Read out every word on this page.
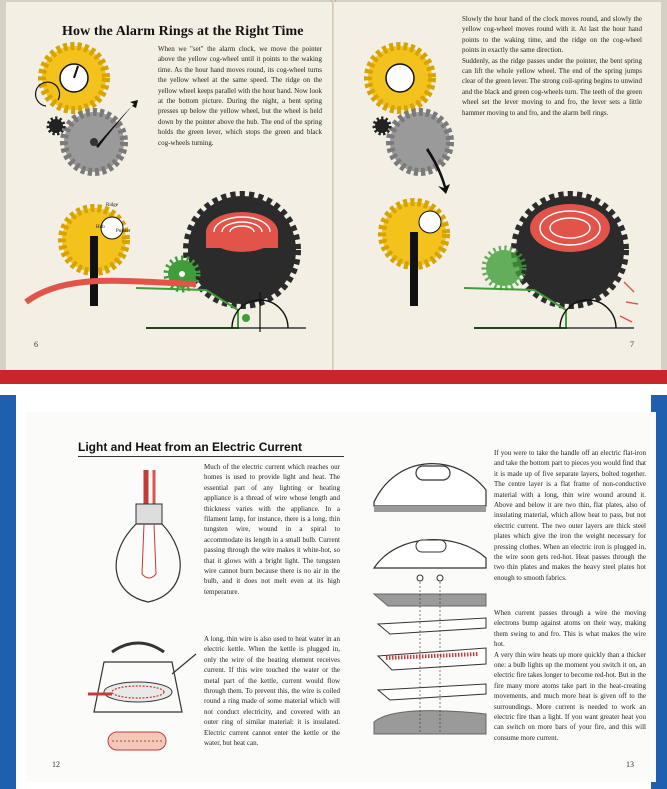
How the Alarm Rings at the Right Time
When we "set" the alarm clock, we move the pointer above the yellow cog-wheel until it points to the waking time. As the hour hand moves round, its cog-wheel turns the yellow wheel at the same speed. The ridge on the yellow wheel keeps parallel with the hour hand. Now look at the bottom picture. During the night, a bent spring presses up below the yellow wheel, but the wheel is held down by the pointer above the hub. The end of the spring holds the green lever, which stops the green and black cog-wheels turning.
Ridge
Hub
Pointer
6
Slowly the hour hand of the clock moves round, and slowly the yellow cog-wheel moves round with it. At last the hour hand points to the waking time, and the ridge on the cog-wheel points in exactly the same direction.
Suddenly, as the ridge passes under the pointer, the bent spring can lift the whole yellow wheel. The end of the spring jumps clear of the green lever. The strong coil-spring begins to unwind and the black and green cog-wheels turn. The teeth of the green wheel set the lever moving to and fro, the lever sets a little hammer moving to and fro, and the alarm bell rings.
7
Light and Heat from an Electric Current
Much of the electric current which reaches our homes is used to provide light and heat. The essential part of any lighting or heating appliance is a thread of wire whose length and thickness varies with the appliance. In a filament lamp, for instance, there is a long, thin tungsten wire, wound in a spiral to accommodate its length in a small bulb. Current passing through the wire makes it white-hot, so that it glows with a bright light. The tungsten wire cannot burn because there is no air in the bulb, and it does not melt even at its high temperature.
A long, thin wire is also used to heat water in an electric kettle. When the kettle is plugged in, only the wire of the heating element receives current. If this wire touched the water or the metal part of the kettle, current would flow through them. To prevent this, the wire is coiled round a ring made of some material which will not conduct electricity, and covered with an outer ring of similar material: it is insulated. Electric current cannot enter the kettle or the water, but heat can.
12
If you were to take the handle off an electric flat-iron and take the bottom part to pieces you would find that it is made up of five separate layers, bolted together. The centre layer is a flat frame of non-conductive material with a long, thin wire wound around it. Above and below it are two thin, flat plates, also of insulating material, which allow heat to pass, but not electric current. The two outer layers are thick steel plates which give the iron the weight necessary for pressing clothes. When an electric iron is plugged in, the wire soon gets red-hot. Heat passes through the two thin plates and makes the heavy steel plates hot enough to smooth fabrics.
When current passes through a wire the moving electrons bump against atoms on their way, making them swing to and fro. This is what makes the wire hot.
A very thin wire heats up more quickly than a thicker one: a bulb lights up the moment you switch it on, an electric fire takes longer to become red-hot. But in the fire many more atoms take part in the heat-creating movements, and much more heat is given off to the surroundings. More current is needed to work an electric fire than a light. If you want greater heat you can switch on more bars of your fire, and this will consume more current.
13
